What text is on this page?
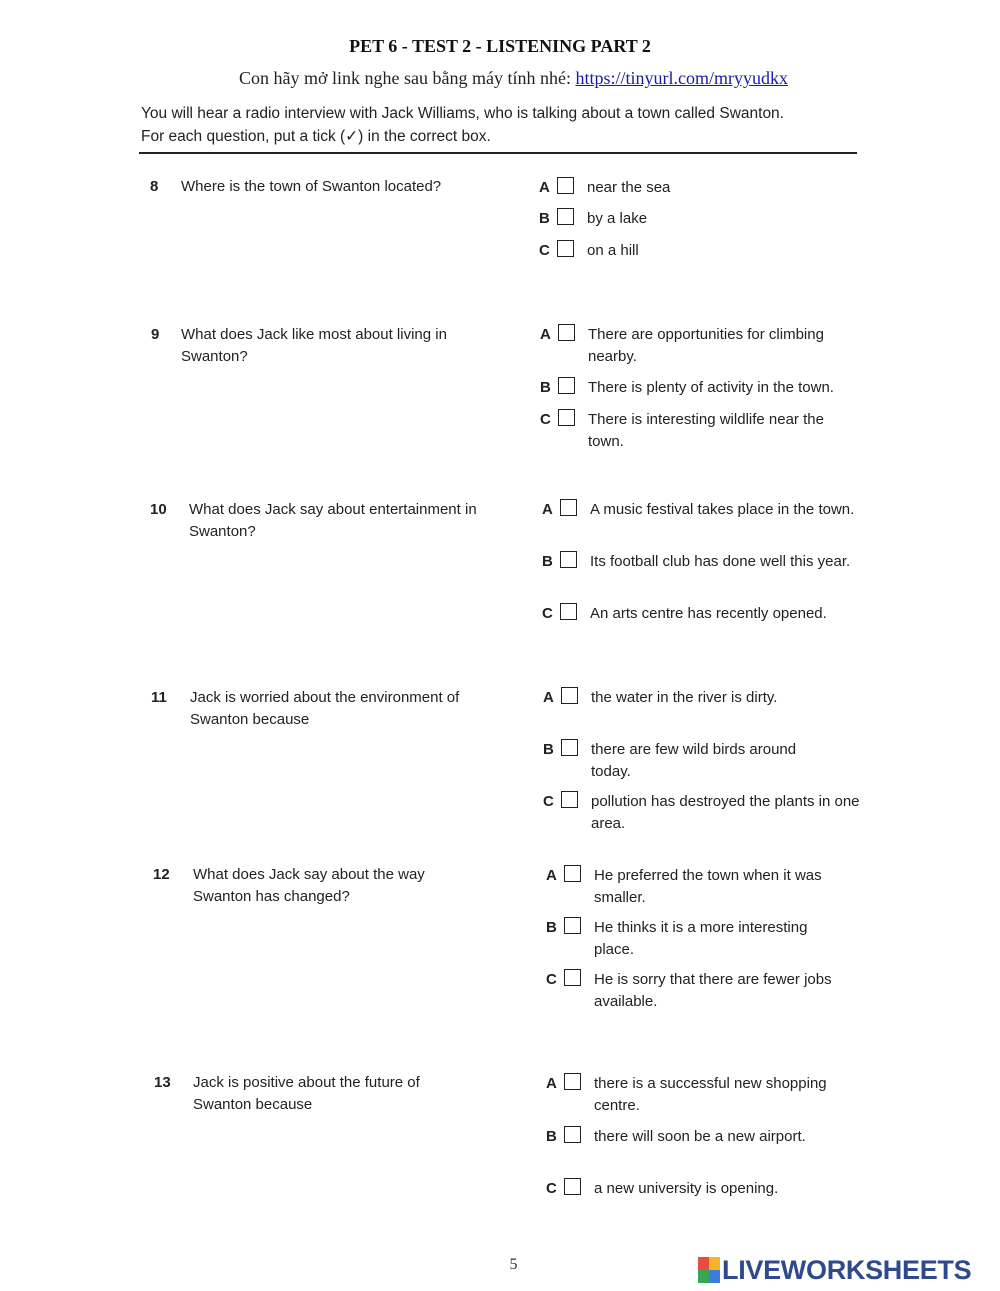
PET 6 - TEST 2 - LISTENING PART 2
Con hãy mở link nghe sau bằng máy tính nhé: https://tinyurl.com/mryyudkx
You will hear a radio interview with Jack Williams, who is talking about a town called Swanton.
For each question, put a tick (✓) in the correct box.
8 Where is the town of Swanton located?	A	near the sea
B	by a lake
C	on a hill
9 What does Jack like most about living in Swanton?
A	There are opportunities for climbing nearby.
B	There is plenty of activity in the town.
C	There is interesting wildlife near the town.
10 What does Jack say about entertainment in Swanton?
A	A music festival takes place in the town.
B	Its football club has done well this year.
C	An arts centre has recently opened.
11 Jack is worried about the environment of Swanton because
A	the water in the river is dirty.
B	there are few wild birds around today.
C	pollution has destroyed the plants in one area.
12 What does Jack say about the way Swanton has changed?
A	He preferred the town when it was smaller.
B	He thinks it is a more interesting place.
C	He is sorry that there are fewer jobs available.
13 Jack is positive about the future of Swanton because
A	there is a successful new shopping centre.
B	there will soon be a new airport.
C	a new university is opening.
5	LIVEWORKSHEETS
